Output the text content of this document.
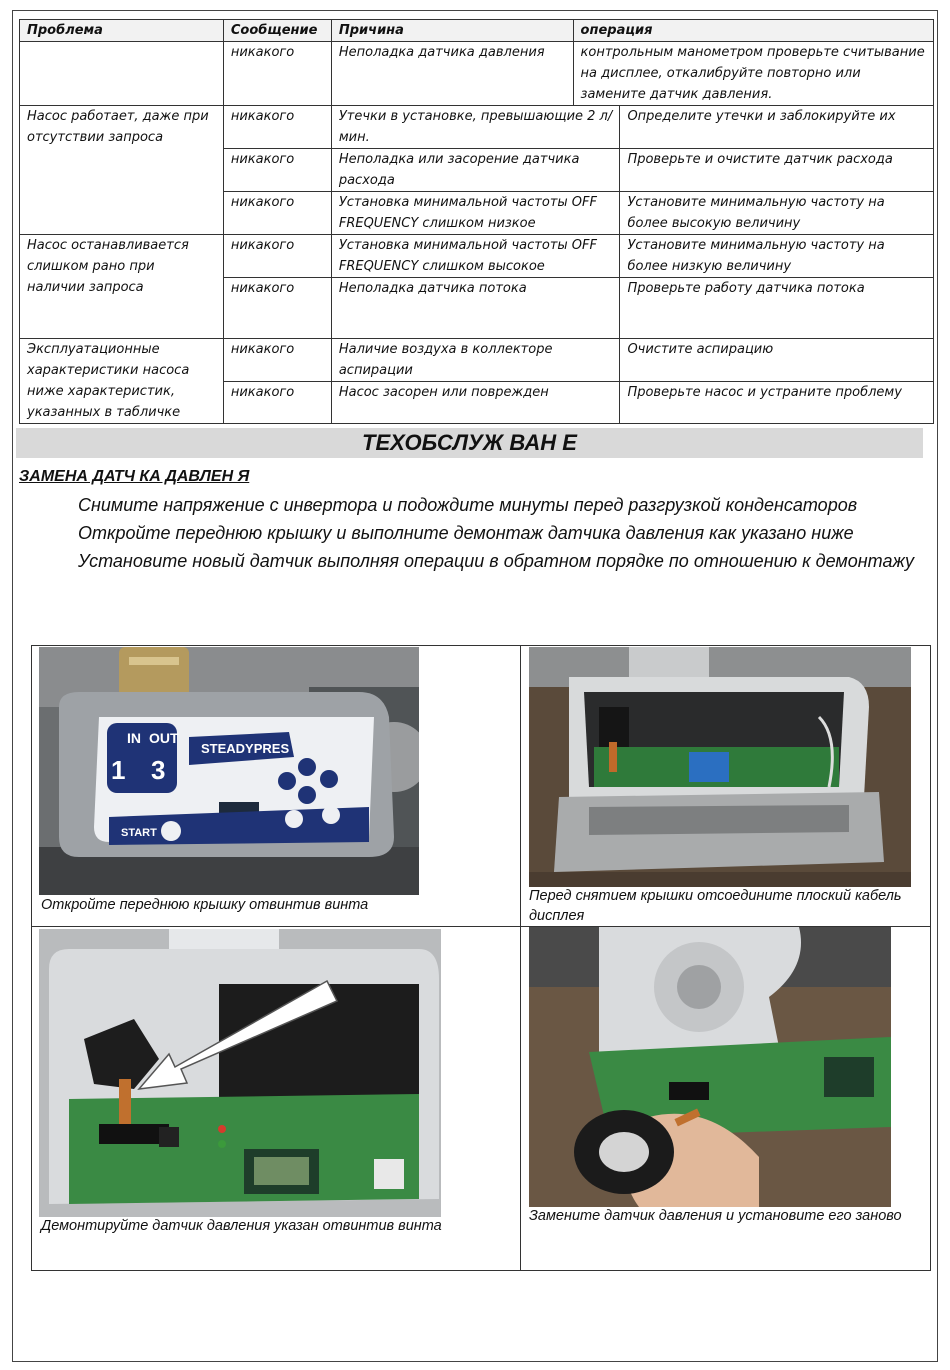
Проблема	Сообщение	Причина	операция	
	никакого	Неполадка датчика давления	контрольным манометром проверьте считывание на дисплее, откалибруйте повторно или замените датчик давления.	
Насос работает, даже при отсутствии запроса	никакого	Утечки в установке, превышающие 2 л/мин.		Определите утечки и заблокируйте их
	никакого	Неполадка или засорение датчика расхода		Проверьте и очистите датчик расхода
	никакого	Установка минимальной частоты OFF FREQUENCY слишком низкое		Установите минимальную частоту на более высокую величину
Насос останавливается слишком рано при наличии запроса	никакого	Установка минимальной частоты OFF FREQUENCY слишком высокое		Установите минимальную частоту на более низкую величину
	никакого	Неполадка датчика потока		Проверьте работу датчика потока
Эксплуатационные характеристики насоса ниже характеристик, указанных в табличке	никакого	Наличие воздуха в коллекторе аспирации		Очистите аспирацию
	никакого	Насос засорен или поврежден		Проверьте насос и устраните проблему
ТЕХОБСЛУЖ ВАН Е
ЗАМЕНА ДАТЧ КА ДАВЛЕН Я

Снимите напряжение с инвертора и подождите минуты перед разгрузкой конденсаторов

Откройте переднюю крышку и выполните демонтаж датчика давления как указано ниже

Установите новый датчик выполняя операции в обратном порядке по отношению к демонтажу

IN
1
OUT
3
STEADYPRES
START
Откройте переднюю крышку отвинтив винта
Перед снятием крышки отсоедините плоский кабель дисплея
Демонтируйте датчик давления указан отвинтив винта
Замените датчик давления и установите его заново
